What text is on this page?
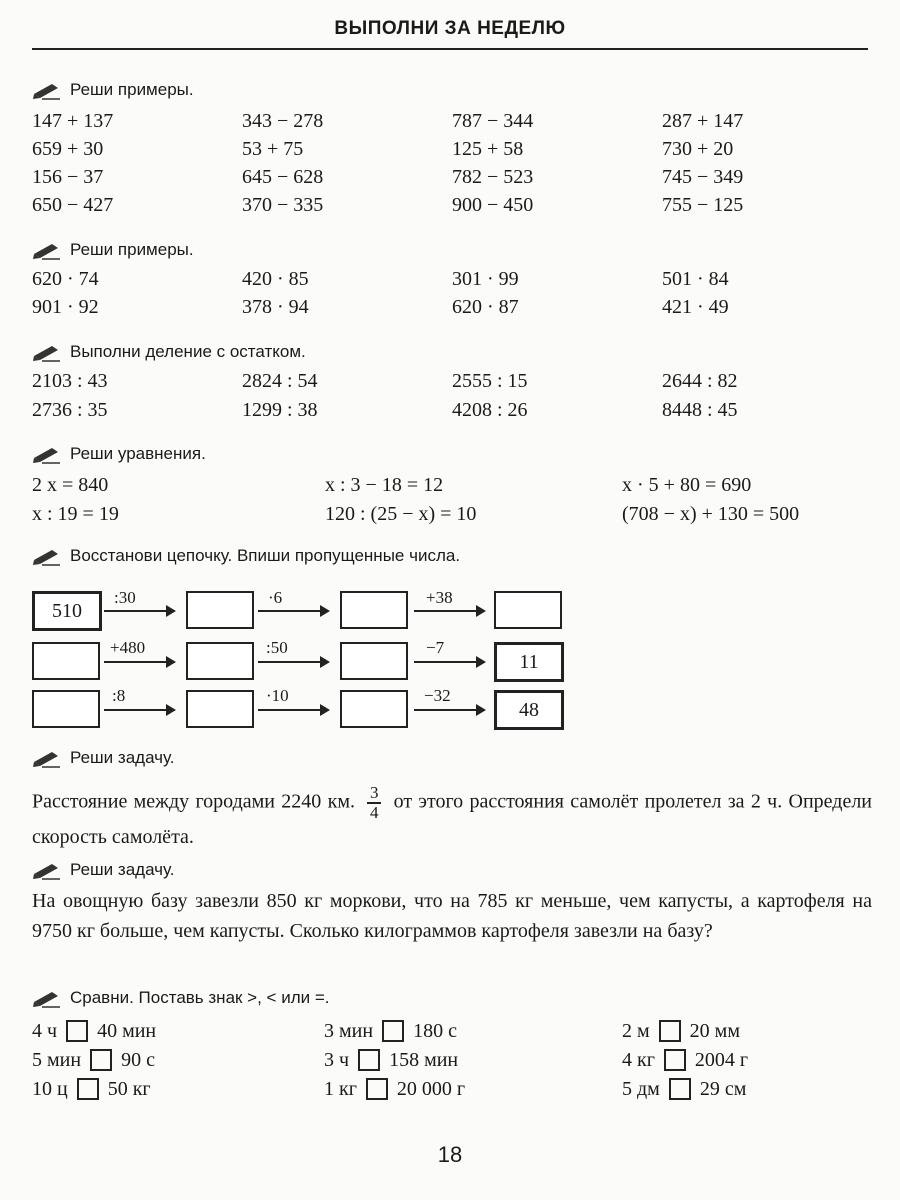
ВЫПОЛНИ ЗА НЕДЕЛЮ
Реши примеры.
147 + 137	343 − 278	787 − 344	287 + 147
659 + 30	53 + 75	125 + 58	730 + 20
156 − 37	645 − 628	782 − 523	745 − 349
650 − 427	370 − 335	900 − 450	755 − 125
Реши примеры.
620 · 74	420 · 85	301 · 99	501 · 84
901 · 92	378 · 94	620 · 87	421 · 49
Выполни деление с остатком.
2103 : 43	2824 : 54	2555 : 15	2644 : 82
2736 : 35	1299 : 38	4208 : 26	8448 : 45
Реши уравнения.
2 x = 840	x : 3 − 18 = 12	x · 5 + 80 = 690
x : 19 = 19	120 : (25 − x) = 10	(708 − x) + 130 = 500
Восстанови цепочку. Впиши пропущенные числа.
510
:30	·6	+38
+480	:50	−7
11
:8	·10	−32
48
Реши задачу.
Расстояние между городами 2240 км. $\frac{3}{4}$ от этого расстояния самолёт пролетел за 2 ч. Определи скорость самолёта.
Реши задачу.
На овощную базу завезли 850 кг моркови, что на 785 кг меньше, чем капусты, а картофеля на 9750 кг больше, чем капусты. Сколько килограммов картофеля завезли на базу?
Сравни. Поставь знак >, < или =.
4 ч 40 мин	3 мин 180 с	2 м 20 мм
5 мин 90 с	3 ч 158 мин	4 кг 2004 г
10 ц 50 кг	1 кг 20 000 г	5 дм 29 см
18
